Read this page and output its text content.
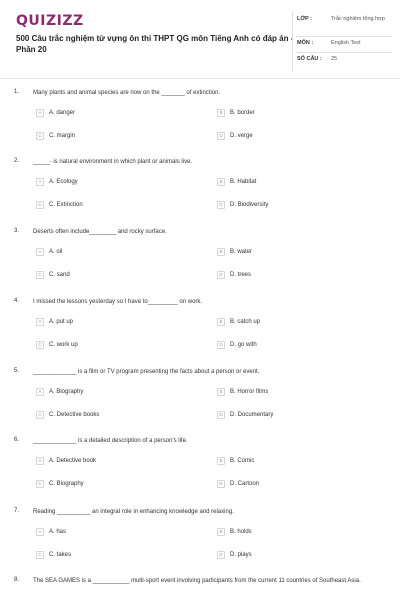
QUIZIZZ
500 Câu trắc nghiệm từ vựng ôn thi THPT QG môn Tiếng Anh có đáp án - Phần 20
LỚP :	Trắc nghiệm tổng hợp
MÔN :	English Test
SỐ CÂU :	25
1. Many plants and animal species are now on the _______ of extinction.
A	A. danger	B	B. border
C	C. margin	D	D. verge
2. _____- is natural environment in which plant or animals live.
A	A. Ecology	B	B. Habitat
C	C. Extinction	D	D. Biodiversity
3. Deserts often include________ and rocky surface.
A	A. oil	B	B. water
C	C. sand	D	D. trees
4. I missed the lessons yesterday so I have to_________ on work.
A	A. put up	B	B. catch up
C	C. work up	D	D. go with
5. _____________ is a film or TV program presenting the facts about a person or event.
A	A. Biography	B	B. Horror films
C	C. Detective books	D	D. Documentary
6. _____________ is a detailed description of a person's life.
A	A. Detective book	B	B. Comic
C	C. Biography	D	D. Cartoon
7. Reading __________ an integral role in enhancing knowledge and relaxing.
A	A. has	B	B. holds
C	C. takes	D	D. plays
8. The SEA GAMES is a ___________ multi-sport event involving participants from the current 11 countries of Southeast Asia.
